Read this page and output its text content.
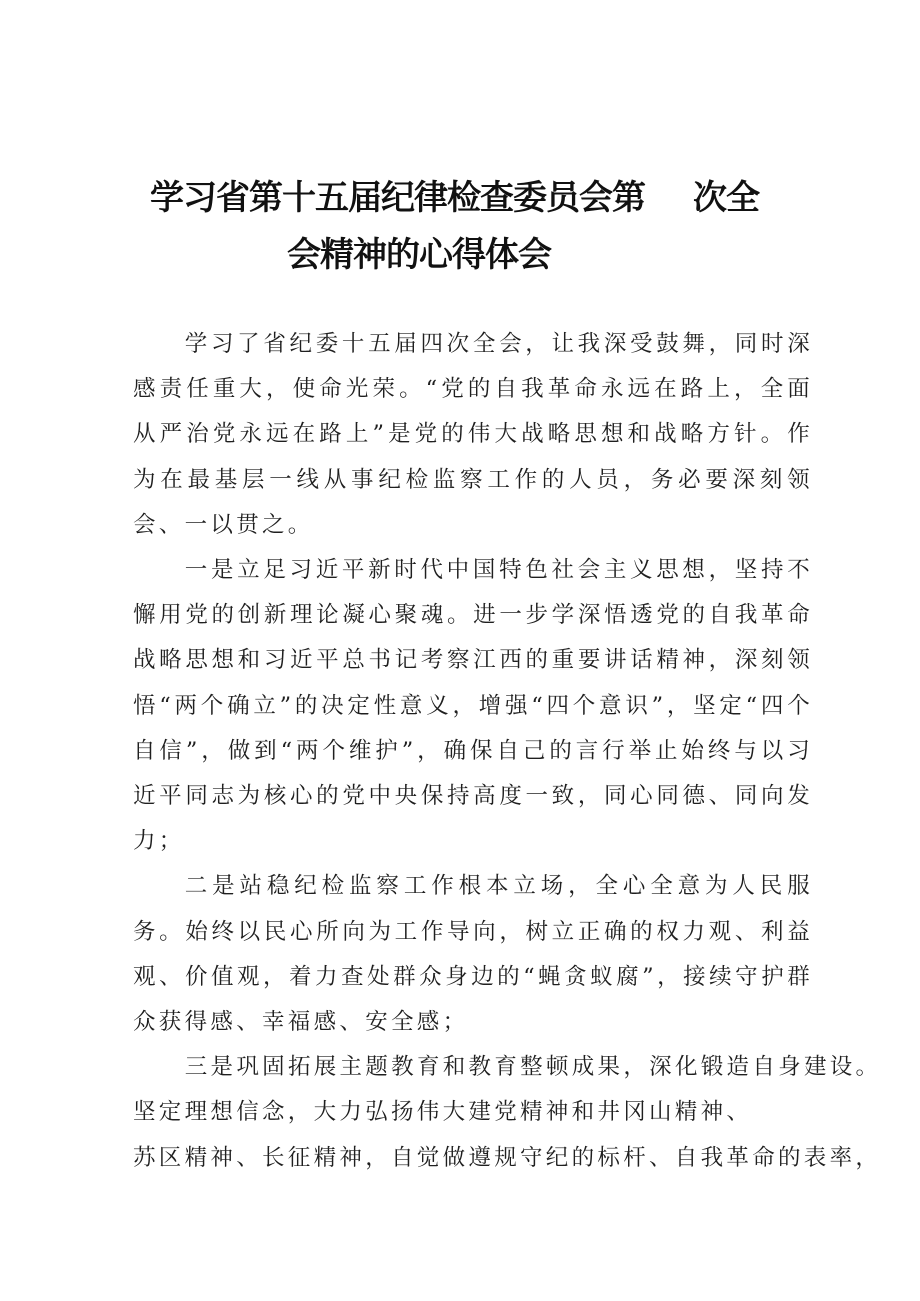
学习省第十五届纪律检查委员会第 次全
会精神的心得体会

学习了省纪委十五届四次全会，让我深受鼓舞，同时深感责任重大，使命光荣。“党的自我革命永远在路上，全面从严治党永远在路上”是党的伟大战略思想和战略方针。作为在最基层一线从事纪检监察工作的人员，务必要深刻领会、一以贯之。

一是立足习近平新时代中国特色社会主义思想，坚持不懈用党的创新理论凝心聚魂。进一步学深悟透党的自我革命战略思想和习近平总书记考察江西的重要讲话精神，深刻领悟“两个确立”的决定性意义，增强“四个意识”，坚定“四个自信”，做到“两个维护”，确保自己的言行举止始终与以习近平同志为核心的党中央保持高度一致，同心同德、同向发力；

二是站稳纪检监察工作根本立场，全心全意为人民服务。始终以民心所向为工作导向，树立正确的权力观、利益观、价值观，着力查处群众身边的“蝇贪蚁腐”，接续守护群众获得感、幸福感、安全感；

三是巩固拓展主题教育和教育整顿成果，深化锻造自身建设。
坚定理想信念，大力弘扬伟大建党精神和井冈山精神、
苏区精神、长征精神，自觉做遵规守纪的标杆、自我革命的表率，
